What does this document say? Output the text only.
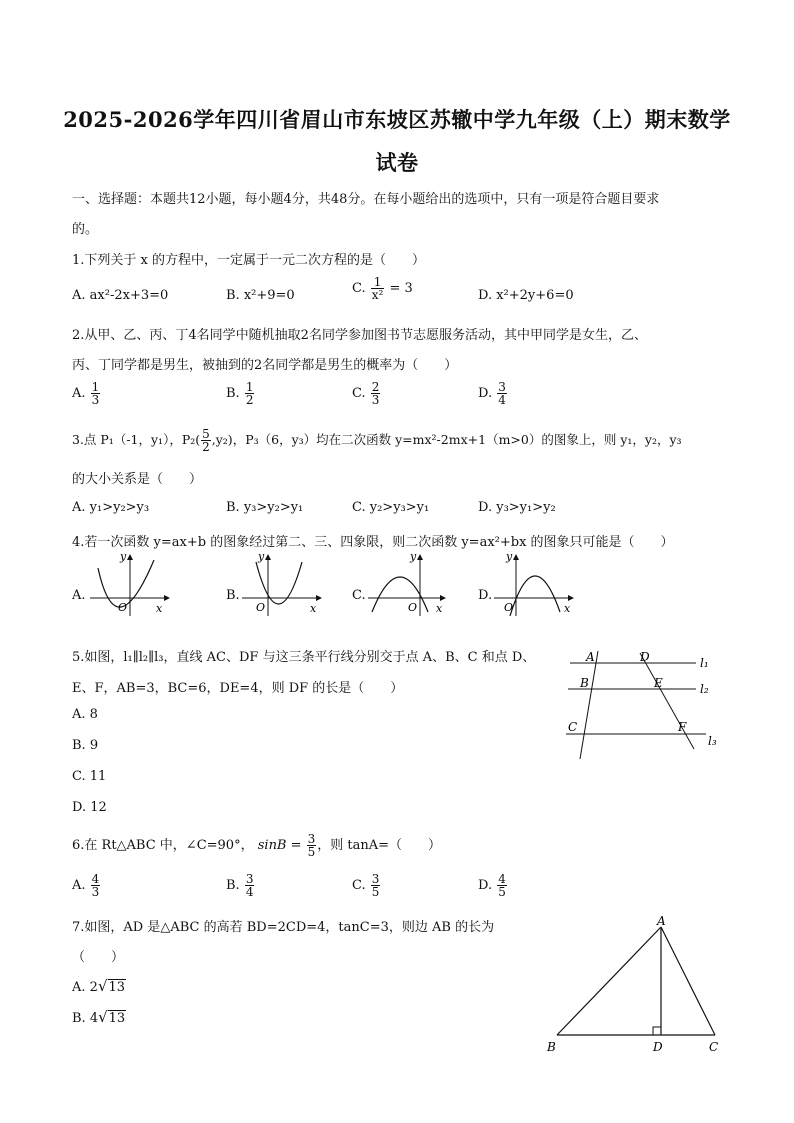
2025-2026学年四川省眉山市东坡区苏辙中学九年级（上）期末数学
试卷
一、选择题：本题共12小题，每小题4分，共48分。在每小题给出的选项中，只有一项是符合题目要求
的。
1.下列关于 x 的方程中，一定属于一元二次方程的是（　　）
A. ax²-2x+3=0	B. x²+9=0	C. $\frac{1}{\text{x²}} = 3$	D. x²+2y+6=0
2.从甲、乙、丙、丁4名同学中随机抽取2名同学参加图书节志愿服务活动，其中甲同学是女生，乙、
丙、丁同学都是男生，被抽到的2名同学都是男生的概率为（　　）
A. $\frac{1}{3}$	B. $\frac{1}{2}$	C. $\frac{2}{3}$	D. $\frac{3}{4}$
3.点 P₁（-1，y₁），$P_2( \frac{5}{2} ,y_2)$，P₃（6，y₃）均在二次函数 y=mx²-2mx+1（m>0）的图象上，则 y₁，y₂，y₃
的大小关系是（　　）
A. y₁>y₂>y₃	B. y₃>y₂>y₁	C. y₂>y₃>y₁	D. y₃>y₁>y₂
4.若一次函数 y=ax+b 的图象经过第二、三、四象限，则二次函数 y=ax²+bx 的图象只可能是（　　）
A.	B.	C.	D.
y
x
O
y
x
O
y
x
O
y
x
O
5.如图，l₁∥l₂∥l₃，直线 AC、DF 与这三条平行线分别交于点 A、B、C 和点 D、
E、F，AB=3，BC=6，DE=4，则 DF 的长是（　　）
A. 8
B. 9
C. 11
D. 12
A	D
B	E
C	F
l₁
l₂
l₃
6.在 Rt△ABC 中，∠C=90°， $\sin B = \frac{3}{5}$ ，则 tanA=（　　）
A. $\frac{4}{3}$	B. $\frac{3}{4}$	C. $\frac{3}{5}$	D. $\frac{4}{5}$
7.如图，AD 是△ABC 的高若 BD=2CD=4，tanC=3，则边 AB 的长为
（　　）
A. 2√13
B. 4√13
A
B	D	C
